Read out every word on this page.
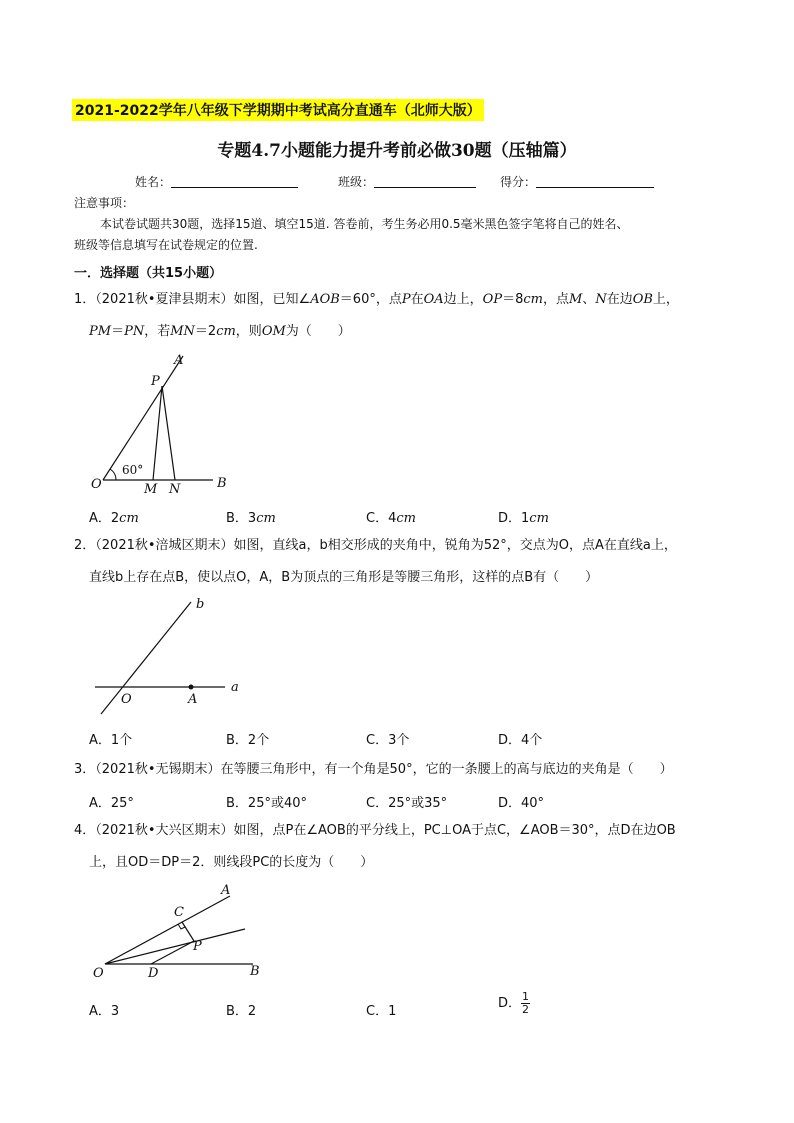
2021-2022学年八年级下学期期中考试高分直通车（北师大版）
专题4.7小题能力提升考前必做30题（压轴篇）
姓名：	班级：	得分：
注意事项：
本试卷试题共30题，选择15道、填空15道. 答卷前，考生务必用0.5毫米黑色签字笔将自己的姓名、
班级等信息填写在试卷规定的位置.
一．选择题（共15小题）
1．（2021秋•夏津县期末）如图，已知∠AOB＝60°，点P在OA边上，OP＝8cm，点M、N在边OB上，
PM＝PN，若MN＝2cm，则OM为（　　）
A
P
O	M N	B
60°
A．2cm	B．3cm	C．4cm	D．1cm
2．（2021秋•涪城区期末）如图，直线a，b相交形成的夹角中，锐角为52°，交点为O，点A在直线a上，
直线b上存在点B，使以点O，A，B为顶点的三角形是等腰三角形，这样的点B有（　　）
b
a
O	A
A．1个	B．2个	C．3个	D．4个
3．（2021秋•无锡期末）在等腰三角形中，有一个角是50°，它的一条腰上的高与底边的夹角是（　　）
A．25°	B．25°或40°	C．25°或35°	D．40°
4．（2021秋•大兴区期末）如图，点P在∠AOB的平分线上，PC⊥OA于点C，∠AOB＝30°，点D在边OB
上，且OD＝DP＝2．则线段PC的长度为（　　）
A
C
P
O	D	B
A．3	B．2	C．1
D． $\frac{1}{2}$
